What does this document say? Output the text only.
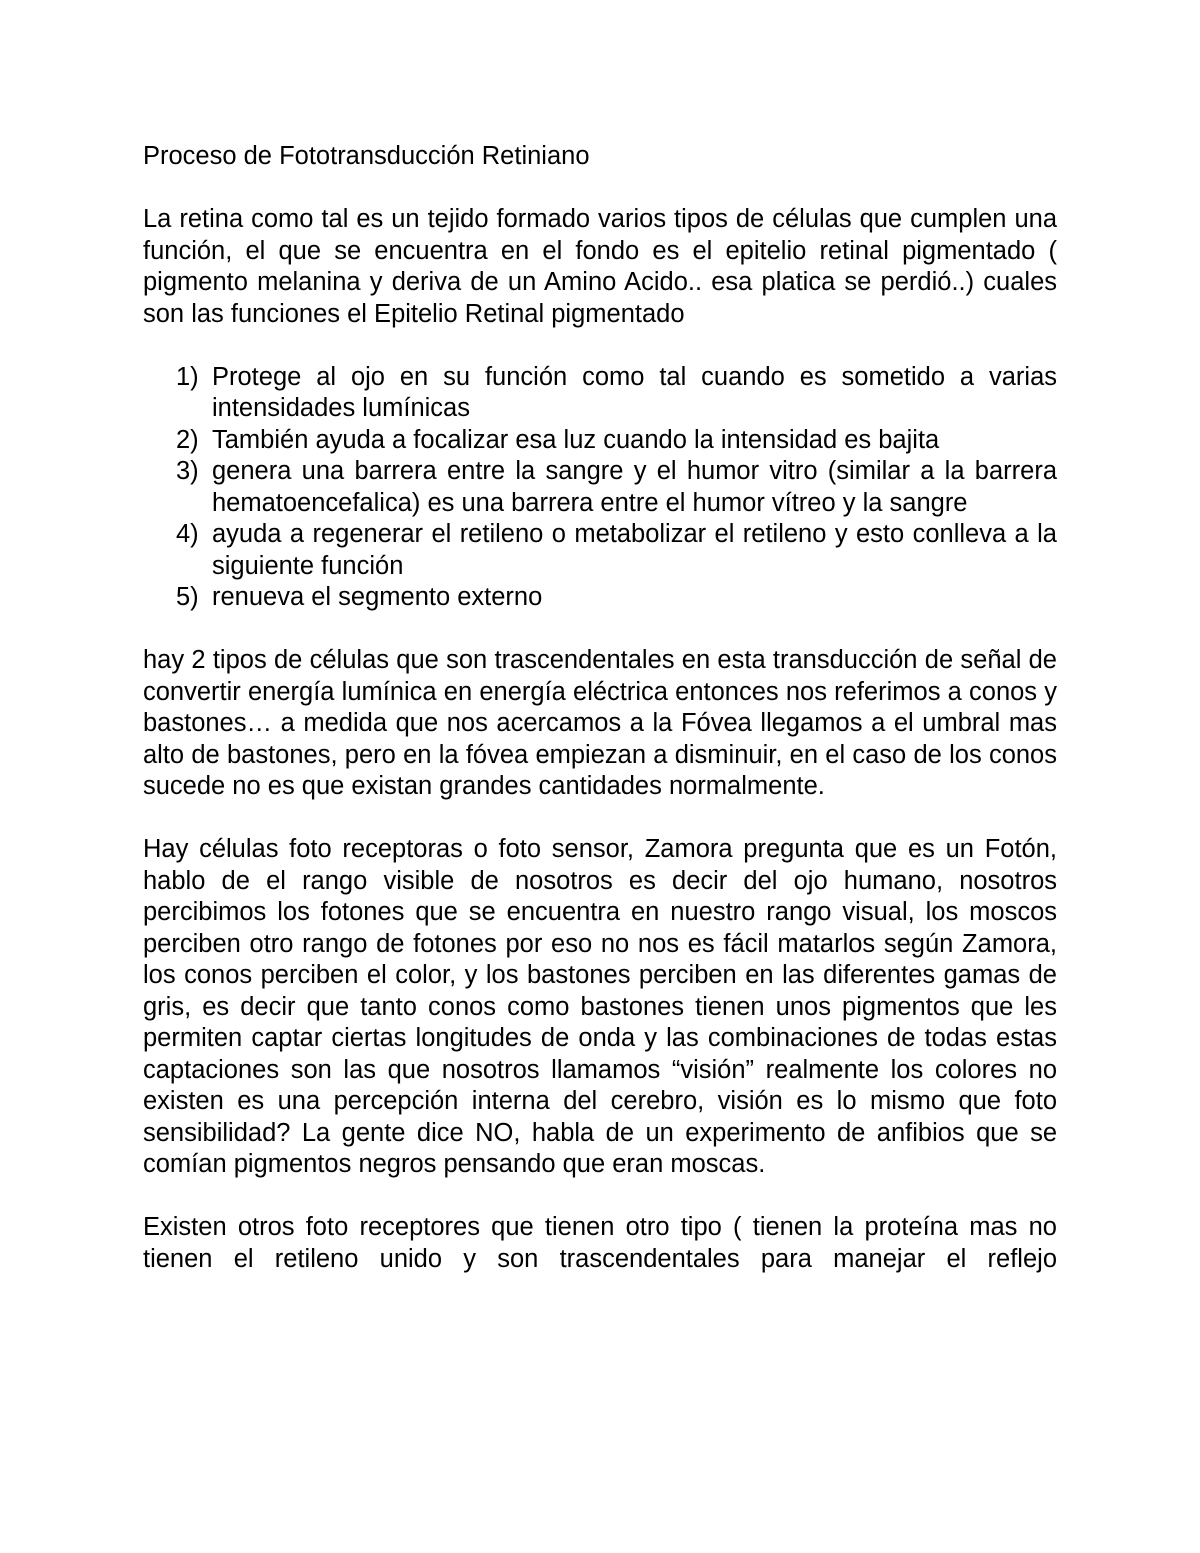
Proceso de Fototransducción Retiniano

La retina como tal es un tejido formado varios tipos de células que cumplen una función, el que se encuentra en el fondo es el epitelio retinal pigmentado ( pigmento melanina y deriva de un Amino Acido.. esa platica se perdió..) cuales son las funciones el Epitelio Retinal pigmentado

1) Protege al ojo en su función como tal cuando es sometido a varias intensidades lumínicas
2) También ayuda a focalizar esa luz cuando la intensidad es bajita
3) genera una barrera entre la sangre y el humor vitro (similar a la barrera hematoencefalica) es una barrera entre el humor vítreo y la sangre
4) ayuda a regenerar el retileno o metabolizar el retileno y esto conlleva a la siguiente función
5) renueva el segmento externo

hay 2 tipos de células que son trascendentales en esta transducción de señal de convertir energía lumínica en energía eléctrica entonces nos referimos a conos y bastones… a medida que nos acercamos a la Fóvea llegamos a el umbral mas alto de bastones, pero en la fóvea empiezan a disminuir, en el caso de los conos sucede no es que existan grandes cantidades normalmente.

Hay células foto receptoras o foto sensor, Zamora pregunta que es un Fotón, hablo de el rango visible de nosotros es decir del ojo humano, nosotros percibimos los fotones que se encuentra en nuestro rango visual, los moscos perciben otro rango de fotones por eso no nos es fácil matarlos según Zamora, los conos perciben el color, y los bastones perciben en las diferentes gamas de gris, es decir que tanto conos como bastones tienen unos pigmentos que les permiten captar ciertas longitudes de onda y las combinaciones de todas estas captaciones son las que nosotros llamamos “visión” realmente los colores no existen es una percepción interna del cerebro, visión es lo mismo que foto sensibilidad? La gente dice NO, habla de un experimento de anfibios que se comían pigmentos negros pensando que eran moscas.

Existen otros foto receptores que tienen otro tipo ( tienen la proteína mas no tienen el retileno unido y son trascendentales para manejar el reflejo
